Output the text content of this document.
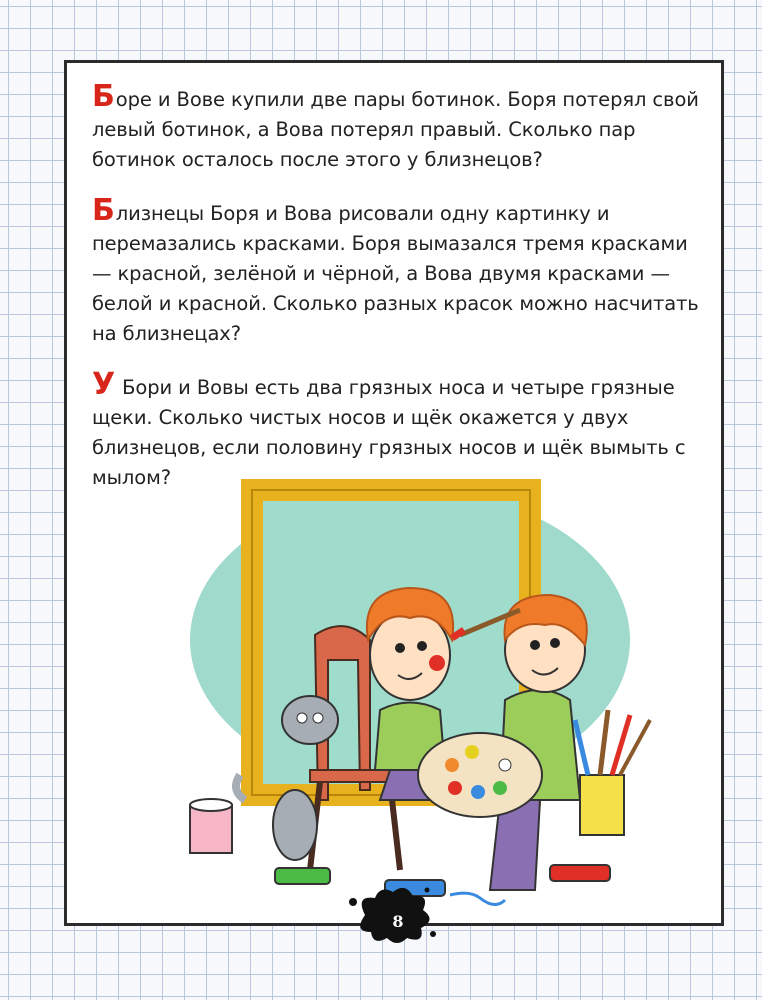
Боре и Вове купили две пары ботинок. Боря потерял свой левый ботинок, а Вова потерял правый. Сколько пар ботинок осталось после этого у близнецов?

Близнецы Боря и Вова рисовали одну картинку и перемазались красками. Боря вымазался тремя красками — красной, зелёной и чёрной, а Вова двумя красками — белой и красной. Сколько разных красок можно насчитать на близнецах?

У Бори и Вовы есть два грязных носа и четыре грязные щеки. Сколько чистых носов и щёк окажется у двух близнецов, если половину грязных носов и щёк вымыть с мылом?

8
